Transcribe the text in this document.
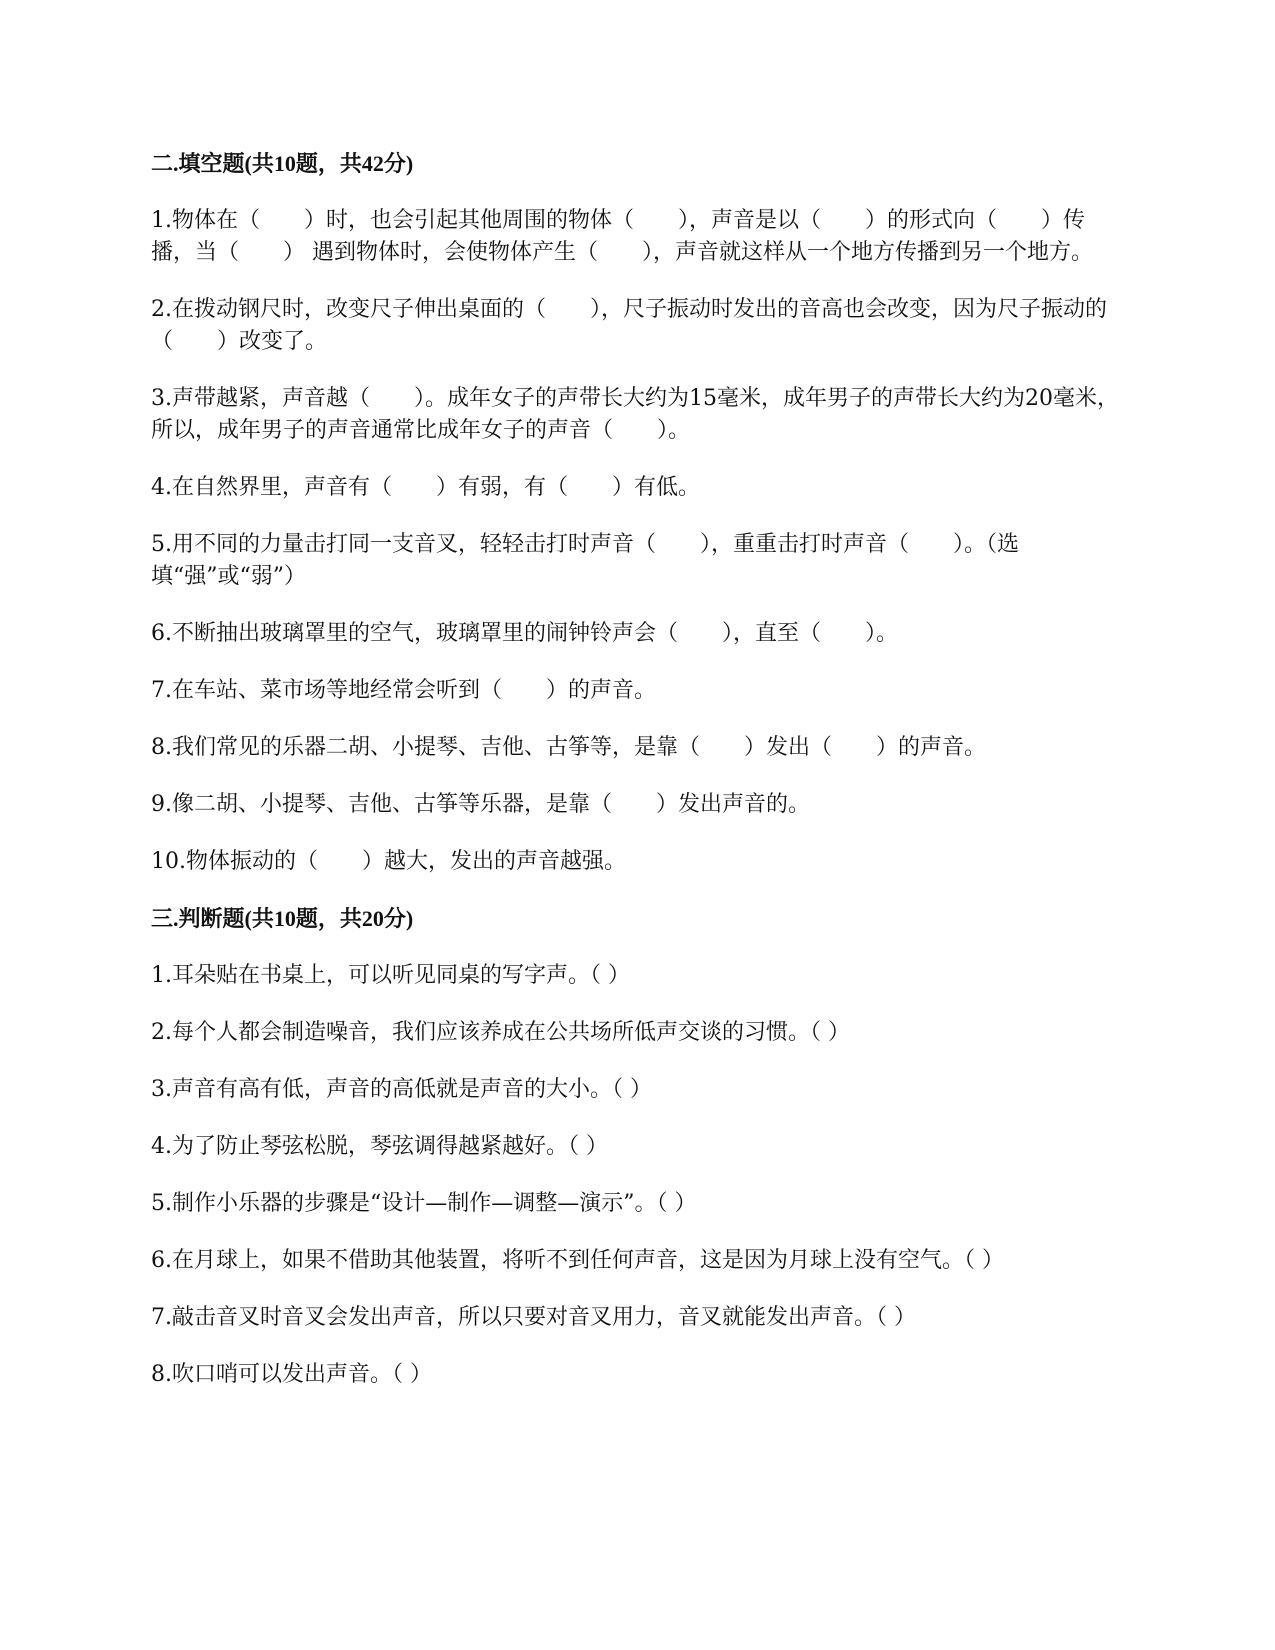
二.填空题(共10题，共42分)
1.物体在（　　）时，也会引起其他周围的物体（　　），声音是以（　　）的形式向（　　）传播，当（　　） 遇到物体时，会使物体产生（　　），声音就这样从一个地方传播到另一个地方。
2.在拨动钢尺时，改变尺子伸出桌面的（　　），尺子振动时发出的音高也会改变，因为尺子振动的（　　）改变了。
3.声带越紧，声音越（　　）。成年女子的声带长大约为15毫米，成年男子的声带长大约为20毫米，所以，成年男子的声音通常比成年女子的声音（　　）。
4.在自然界里，声音有（　　）有弱，有（　　）有低。
5.用不同的力量击打同一支音叉，轻轻击打时声音（　　），重重击打时声音（　　）。（选填“强”或“弱”）
6.不断抽出玻璃罩里的空气，玻璃罩里的闹钟铃声会（　　），直至（　　）。
7.在车站、菜市场等地经常会听到（　　）的声音。
8.我们常见的乐器二胡、小提琴、吉他、古筝等，是靠（　　）发出（　　）的声音。
9.像二胡、小提琴、吉他、古筝等乐器，是靠（　　）发出声音的。
10.物体振动的（　　）越大，发出的声音越强。
三.判断题(共10题，共20分)
1.耳朵贴在书桌上，可以听见同桌的写字声。（ ）
2.每个人都会制造噪音，我们应该养成在公共场所低声交谈的习惯。（ ）
3.声音有高有低，声音的高低就是声音的大小。（ ）
4.为了防止琴弦松脱，琴弦调得越紧越好。（ ）
5.制作小乐器的步骤是“设计—制作—调整—演示”。（ ）
6.在月球上，如果不借助其他装置，将听不到任何声音，这是因为月球上没有空气。（ ）
7.敲击音叉时音叉会发出声音，所以只要对音叉用力，音叉就能发出声音。（ ）
8.吹口哨可以发出声音。（ ）
